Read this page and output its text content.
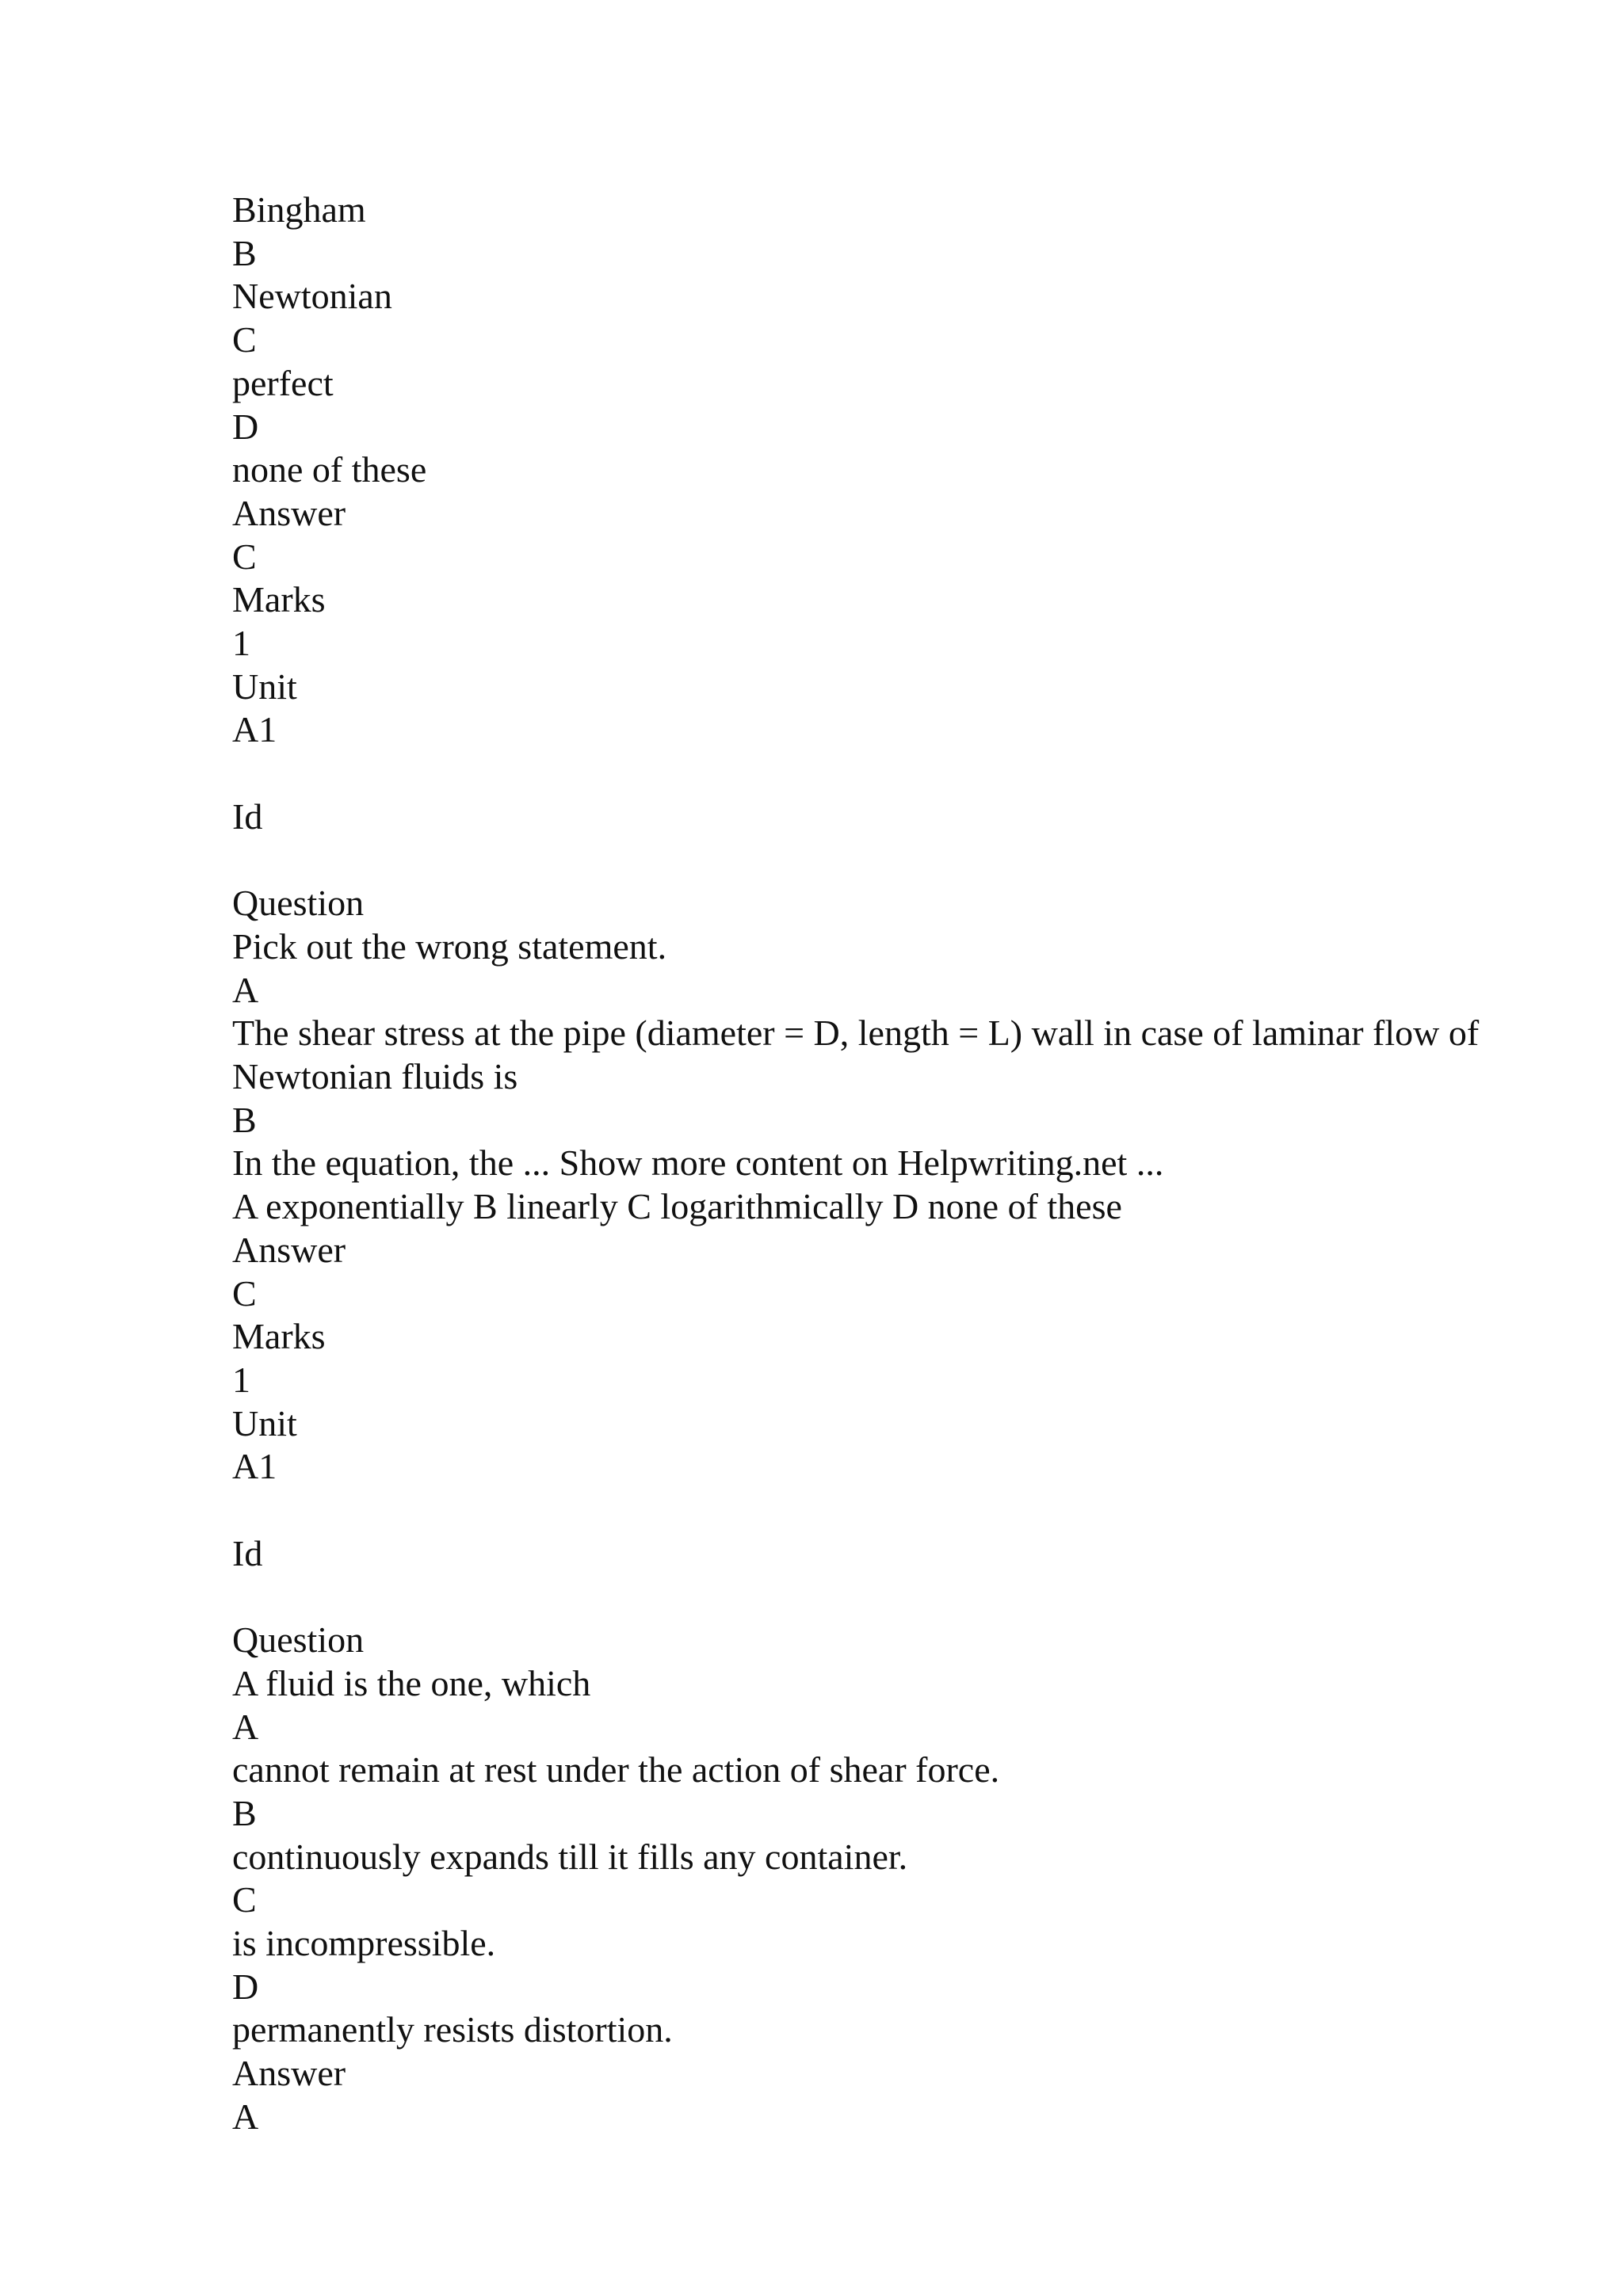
Bingham
B
Newtonian
C
perfect
D
none of these
Answer
C
Marks
1
Unit
A1
Id
Question
Pick out the wrong statement.
A
The shear stress at the pipe (diameter = D, length = L) wall in case of laminar flow of Newtonian fluids is
B
In the equation, the ... Show more content on Helpwriting.net ...
A exponentially B linearly C logarithmically D none of these
Answer
C
Marks
1
Unit
A1
Id
Question
A fluid is the one, which
A
cannot remain at rest under the action of shear force.
B
continuously expands till it fills any container.
C
is incompressible.
D
permanently resists distortion.
Answer
A
